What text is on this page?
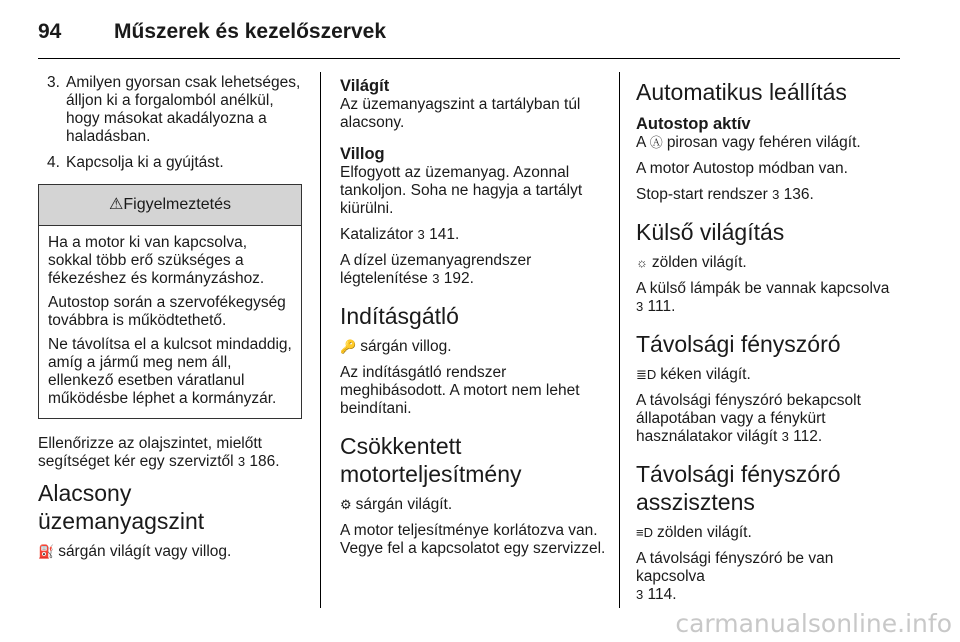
94	Műszerek és kezelőszervek
3. Amilyen gyorsan csak lehetséges, álljon ki a forgalomból anélkül, hogy másokat akadályozna a haladásban.
4. Kapcsolja ki a gyújtást.
⚠Figyelmeztetés

Ha a motor ki van kapcsolva, sokkal több erő szükséges a fékezéshez és kormányzáshoz.

Autostop során a szervofékegység továbbra is működtethető.

Ne távolítsa el a kulcsot mindaddig, amíg a jármű meg nem áll, ellenkező esetben váratlanul működésbe léphet a kormányzár.

Ellenőrizze az olajszintet, mielőtt segítséget kér egy szerviztől 3 186.

Alacsony üzemanyagszint

⛽ sárgán világít vagy villog.

Világít

Az üzemanyagszint a tartályban túl alacsony.

Villog

Elfogyott az üzemanyag. Azonnal tankoljon. Soha ne hagyja a tartályt kiürülni.

Katalizátor 3 141.

A dízel üzemanyagrendszer légtelenítése 3 192.

Indításgátló

🔑 sárgán villog.

Az indításgátló rendszer meghibásodott. A motort nem lehet beindítani.

Csökkentett
motorteljesítmény

⚙ sárgán világít.

A motor teljesítménye korlátozva van. Vegye fel a kapcsolatot egy szervizzel.

Automatikus leállítás
Autostop aktív

A Ⓐ pirosan vagy fehéren világít.

A motor Autostop módban van.

Stop-start rendszer 3 136.

Külső világítás

☼ zölden világít.

A külső lámpák be vannak kapcsolva
3 111.

Távolsági fényszóró

≣D kéken világít.

A távolsági fényszóró bekapcsolt állapotában vagy a fénykürt használatakor világít 3 112.

Távolsági fényszóró
asszisztens

≡D zölden világít.

A távolsági fényszóró be van kapcsolva
3 114.

carmanualsonline.info
